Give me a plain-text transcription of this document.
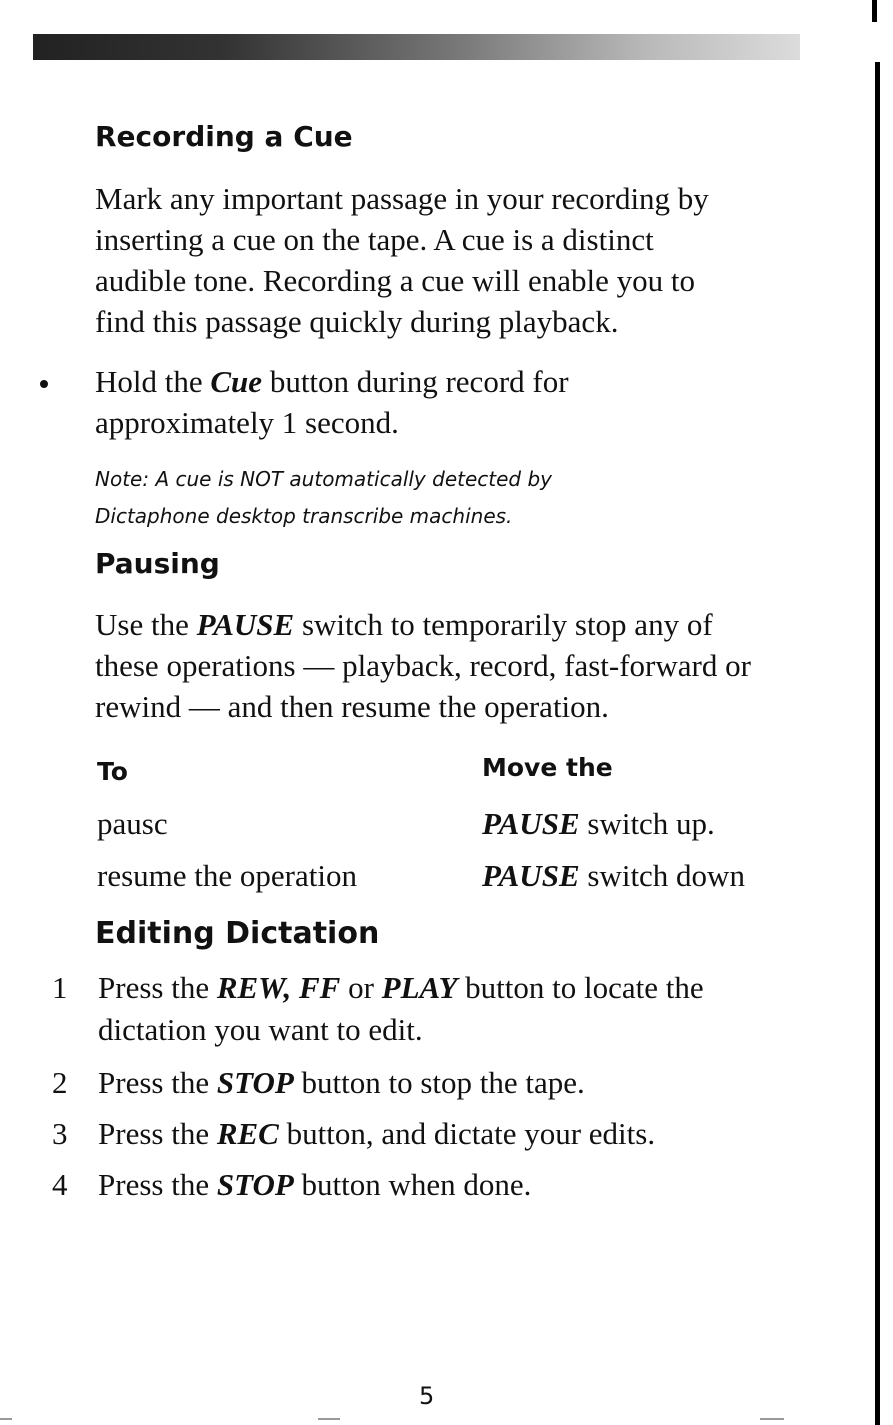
Recording a Cue
Mark any important passage in your recording by
inserting a cue on the tape. A cue is a distinct
audible tone. Recording a cue will enable you to
find this passage quickly during playback.
Hold the Cue button during record for
approximately 1 second.
Note: A cue is NOT automatically detected by
Dictaphone desktop transcribe machines.
Pausing
Use the PAUSE switch to temporarily stop any of
these operations — playback, record, fast-forward or
rewind — and then resume the operation.
To	Move the
pausc	PAUSE switch up.
resume the operation	PAUSE switch down
Editing Dictation
1 Press the REW, FF or PLAY button to locate the
dictation you want to edit.
2 Press the STOP button to stop the tape.
3 Press the REC button, and dictate your edits.
4 Press the STOP button when done.
5
